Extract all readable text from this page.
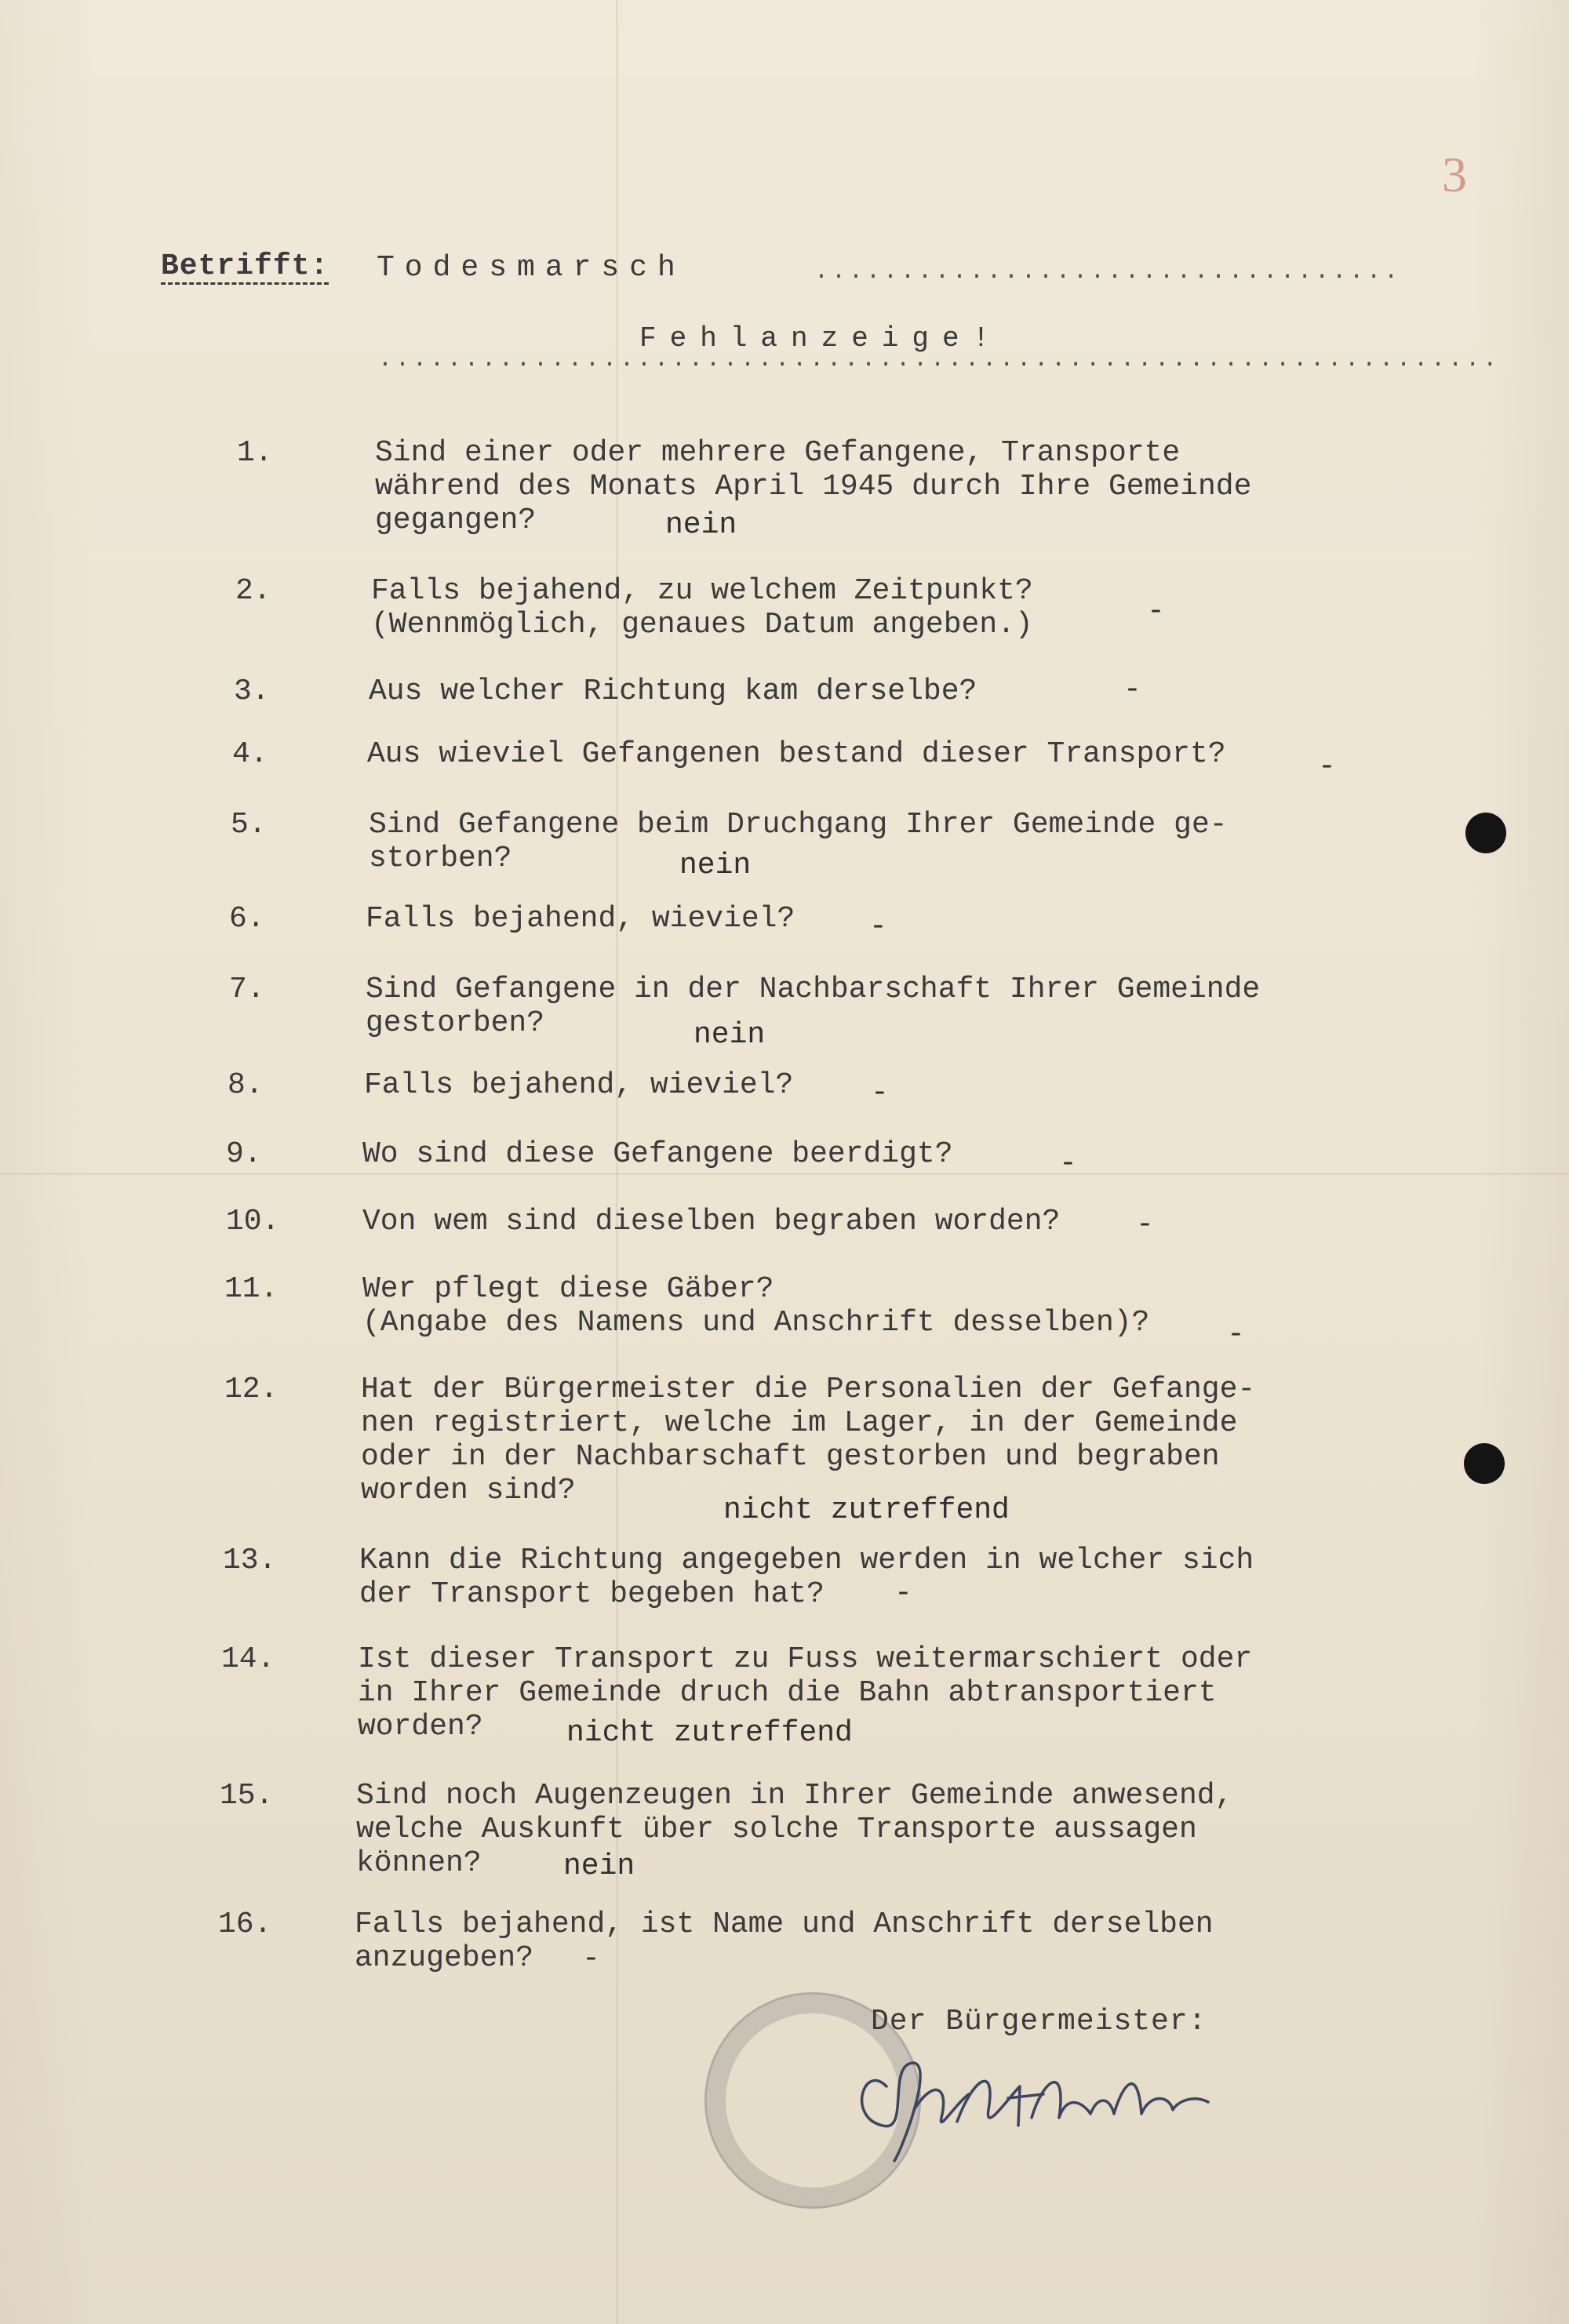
3
Betrifft: Todesmarsch	..................................
Fehlanzeige!
.................................................................
1.	Sind einer oder mehrere Gefangene, Transporte
während des Monats April 1945 durch Ihre Gemeinde
gegangen?	nein
2.	Falls bejahend, zu welchem Zeitpunkt?
(Wennmöglich, genaues Datum angeben.)	-
3.	Aus welcher Richtung kam derselbe?	-
4.	Aus wieviel Gefangenen bestand dieser Transport?	-
5.	Sind Gefangene beim Druchgang Ihrer Gemeinde ge-
storben?	nein
6.	Falls bejahend, wieviel? -
7.	Sind Gefangene in der Nachbarschaft Ihrer Gemeinde
gestorben?	nein
8.	Falls bejahend, wieviel?	-
9.	Wo sind diese Gefangene beerdigt?	-
10.	Von wem sind dieselben begraben worden?	-
11.	Wer pflegt diese Gäber?
(Angabe des Namens und Anschrift desselben)?	-
12.	Hat der Bürgermeister die Personalien der Gefange-
nen registriert, welche im Lager, in der Gemeinde
oder in der Nachbarschaft gestorben und begraben
worden sind?
nicht zutreffend
13.	Kann die Richtung angegeben werden in welcher sich
der Transport begeben hat?	-
14.	Ist dieser Transport zu Fuss weitermarschiert oder
in Ihrer Gemeinde druch die Bahn abtransportiert
worden?	nicht zutreffend
15.	Sind noch Augenzeugen in Ihrer Gemeinde anwesend,
welche Auskunft über solche Transporte aussagen
können?	nein
16.	Falls bejahend, ist Name und Anschrift derselben
anzugeben?	-
Der Bürgermeister:
